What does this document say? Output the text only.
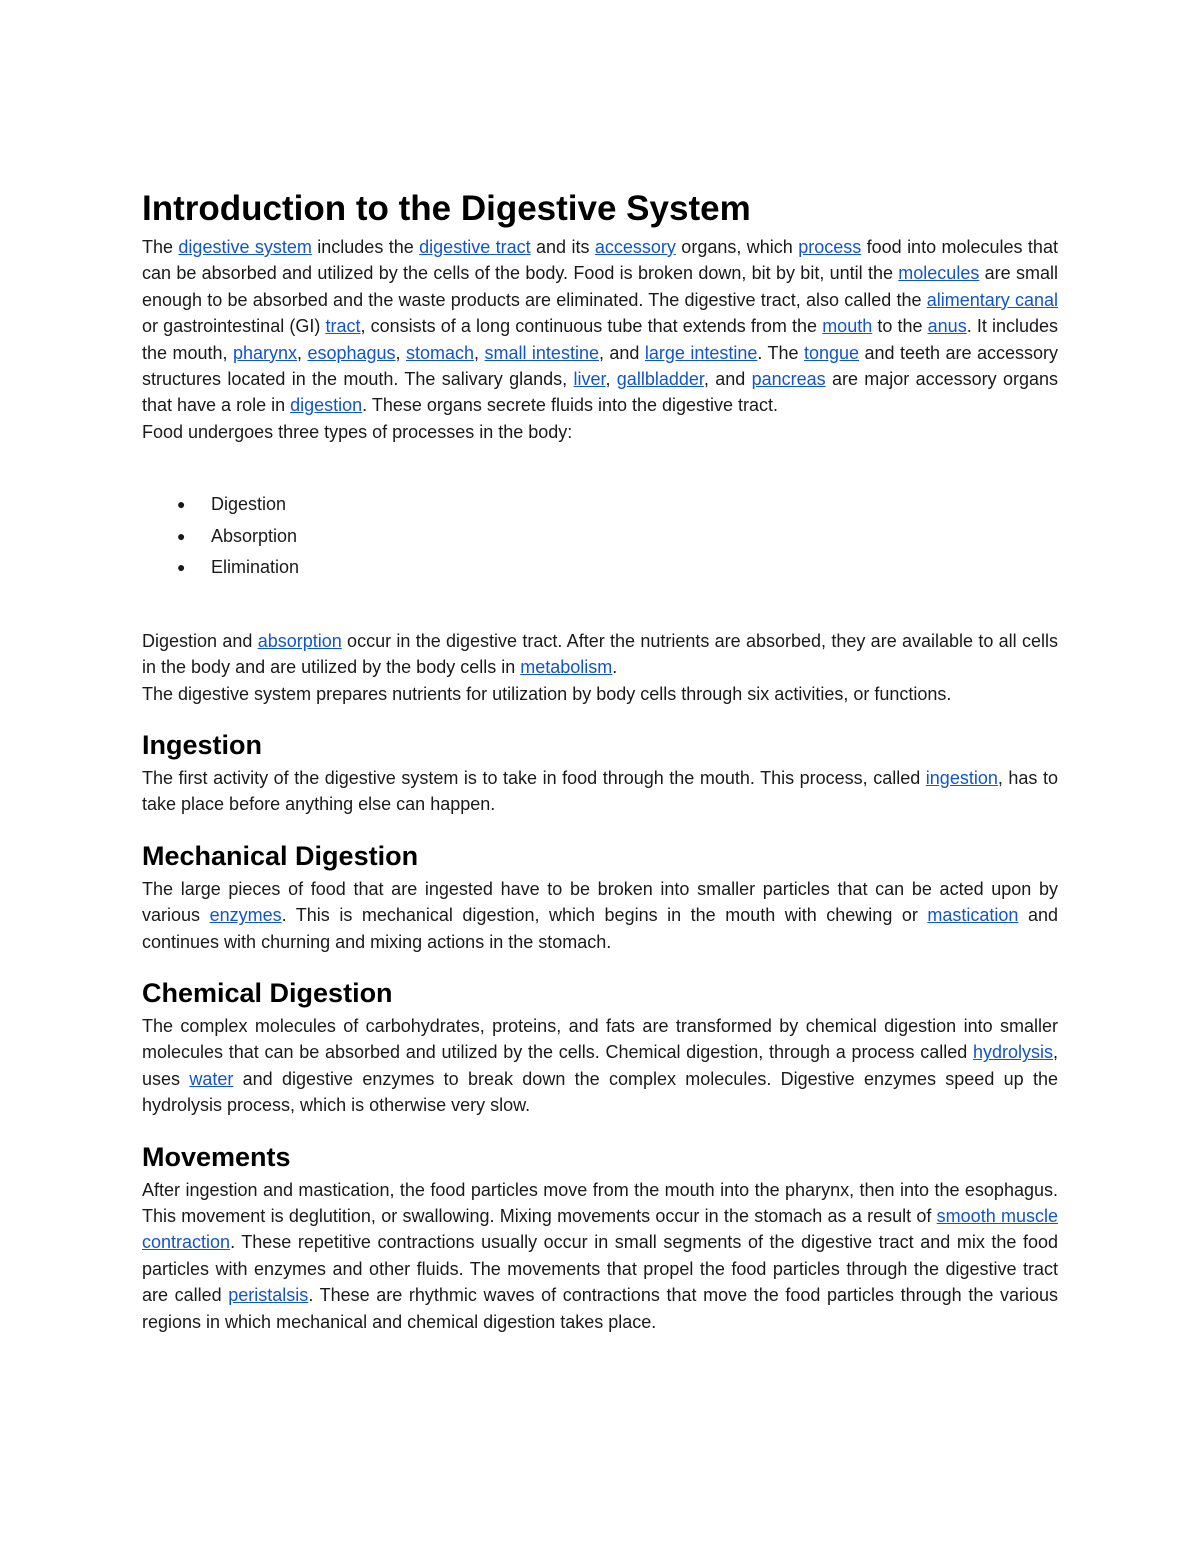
Introduction to the Digestive System

The digestive system includes the digestive tract and its accessory organs, which process food into molecules that can be absorbed and utilized by the cells of the body. Food is broken down, bit by bit, until the molecules are small enough to be absorbed and the waste products are eliminated. The digestive tract, also called the alimentary canal or gastrointestinal (GI) tract, consists of a long continuous tube that extends from the mouth to the anus. It includes the mouth, pharynx, esophagus, stomach, small intestine, and large intestine. The tongue and teeth are accessory structures located in the mouth. The salivary glands, liver, gallbladder, and pancreas are major accessory organs that have a role in digestion. These organs secrete fluids into the digestive tract.

Food undergoes three types of processes in the body:

● Digestion
● Absorption
● Elimination

Digestion and absorption occur in the digestive tract. After the nutrients are absorbed, they are available to all cells in the body and are utilized by the body cells in metabolism.

The digestive system prepares nutrients for utilization by body cells through six activities, or functions.

Ingestion

The first activity of the digestive system is to take in food through the mouth. This process, called ingestion, has to take place before anything else can happen.

Mechanical Digestion

The large pieces of food that are ingested have to be broken into smaller particles that can be acted upon by various enzymes. This is mechanical digestion, which begins in the mouth with chewing or mastication and continues with churning and mixing actions in the stomach.

Chemical Digestion

The complex molecules of carbohydrates, proteins, and fats are transformed by chemical digestion into smaller molecules that can be absorbed and utilized by the cells. Chemical digestion, through a process called hydrolysis, uses water and digestive enzymes to break down the complex molecules. Digestive enzymes speed up the hydrolysis process, which is otherwise very slow.

Movements

After ingestion and mastication, the food particles move from the mouth into the pharynx, then into the esophagus. This movement is deglutition, or swallowing. Mixing movements occur in the stomach as a result of smooth muscle contraction. These repetitive contractions usually occur in small segments of the digestive tract and mix the food particles with enzymes and other fluids. The movements that propel the food particles through the digestive tract are called peristalsis. These are rhythmic waves of contractions that move the food particles through the various regions in which mechanical and chemical digestion takes place.
